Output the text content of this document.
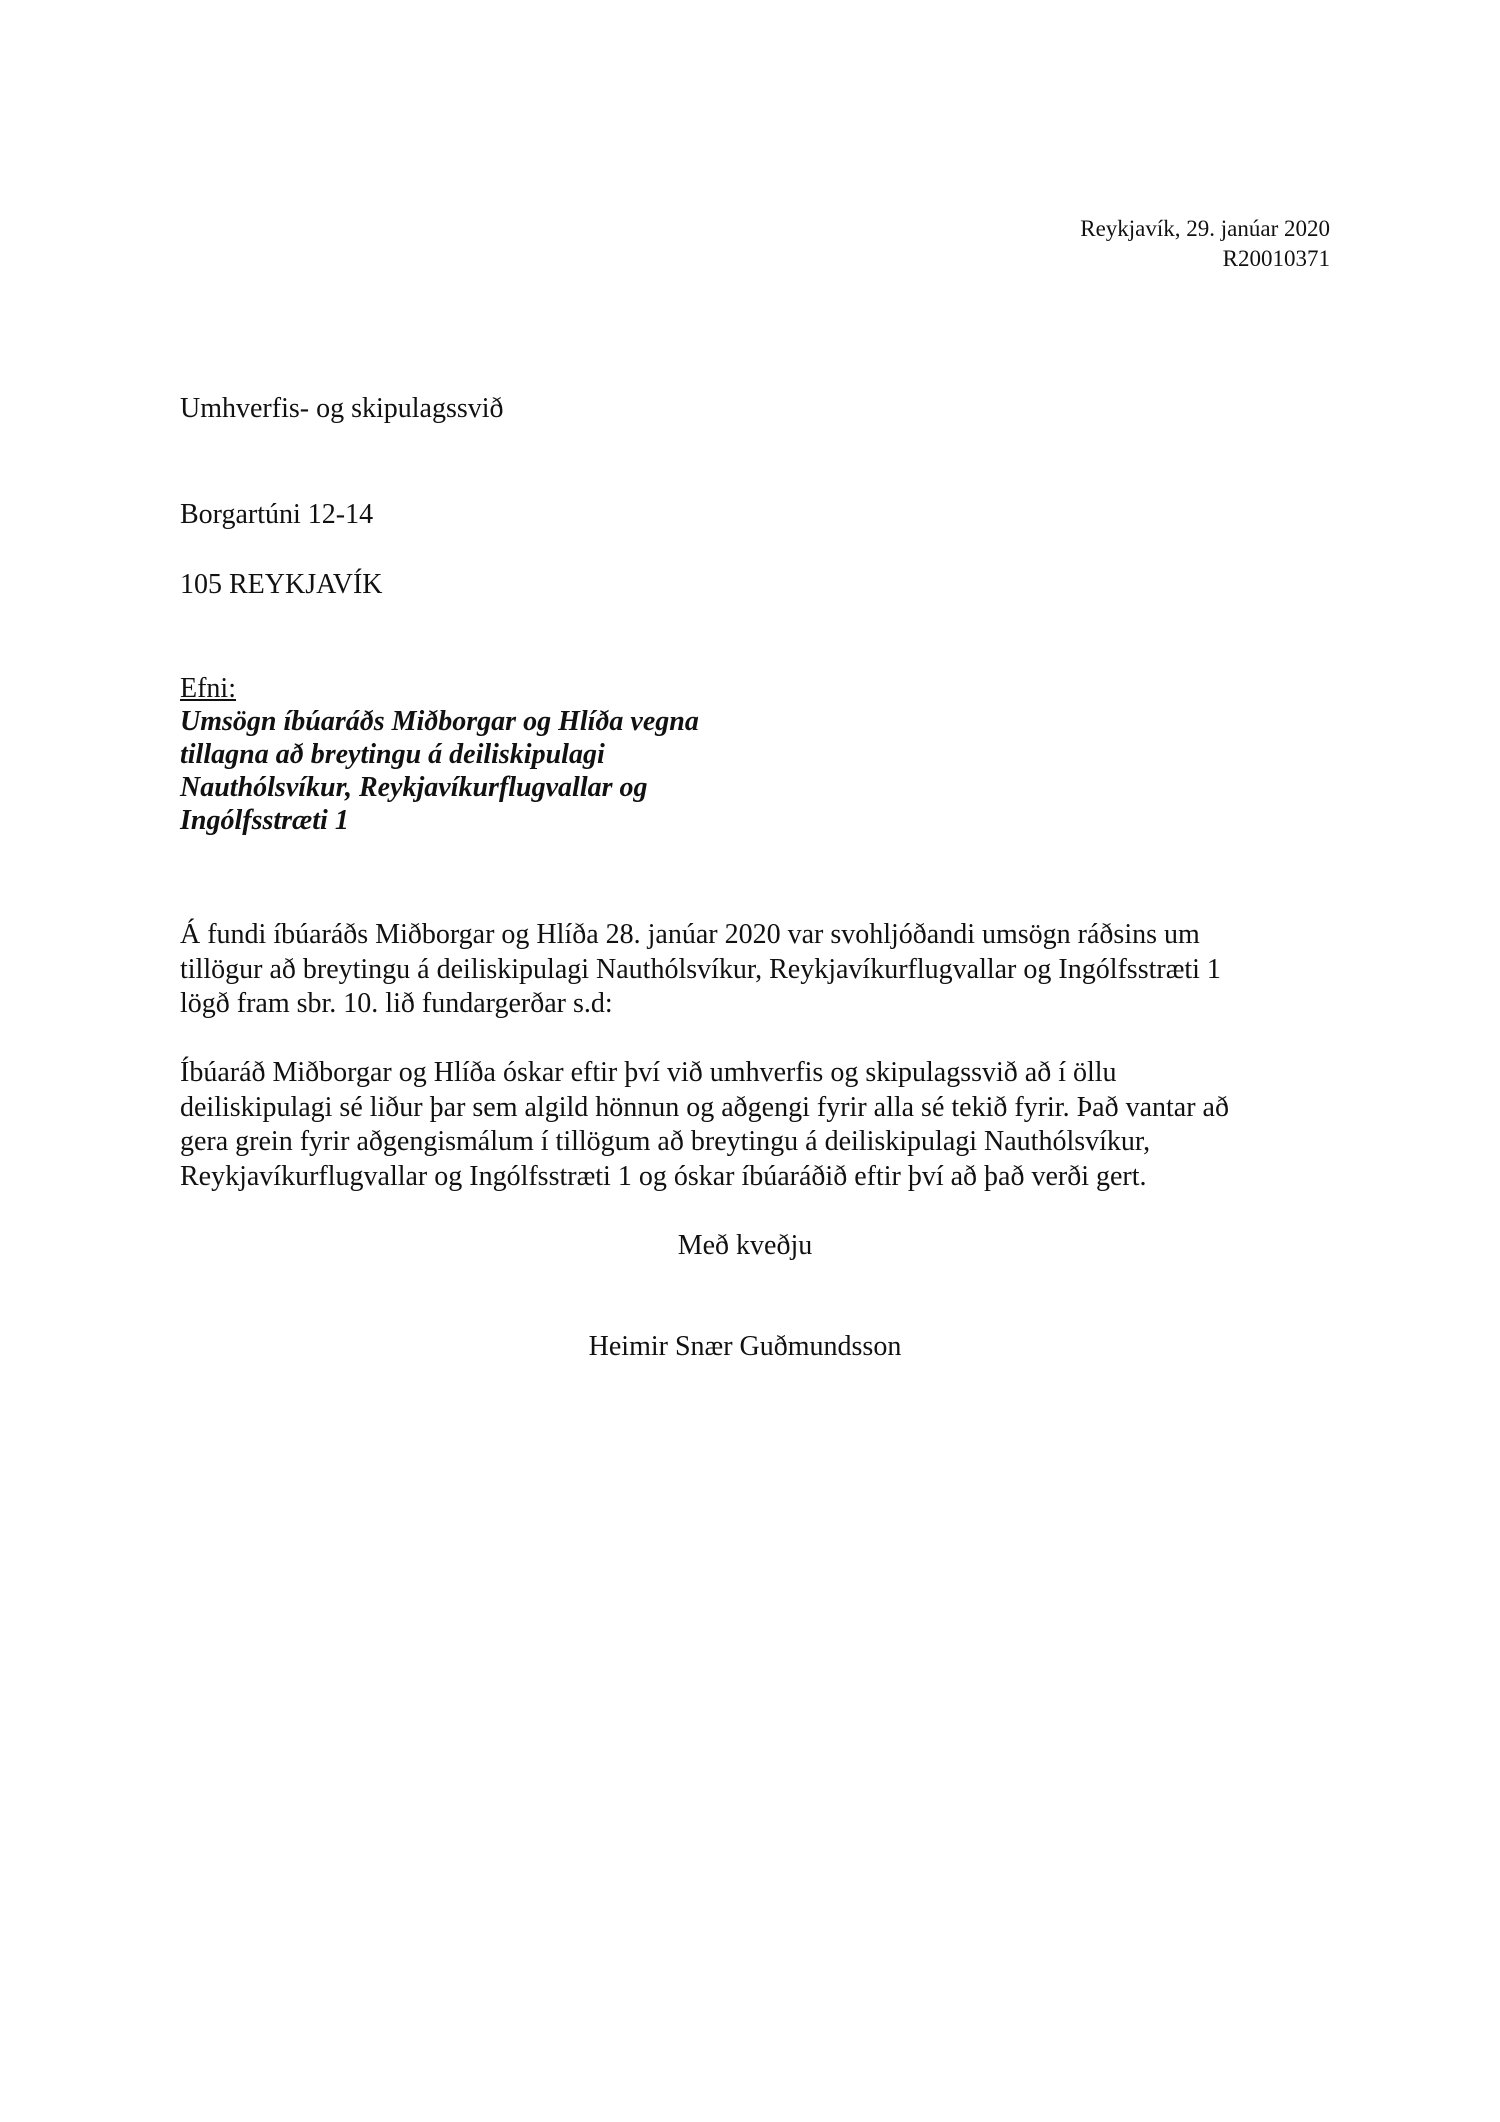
Reykjavík, 29. janúar 2020
R20010371
Umhverfis- og skipulagssvið
Borgartúni 12-14
105 REYKJAVÍK
Efni:
Umsögn íbúaráðs Miðborgar og Hlíða vegna
tillagna að breytingu á deiliskipulagi
Nauthólsvíkur, Reykjavíkurflugvallar og
Ingólfsstræti 1
Á fundi íbúaráðs Miðborgar og Hlíða 28. janúar 2020 var svohljóðandi umsögn ráðsins um
tillögur að breytingu á deiliskipulagi Nauthólsvíkur, Reykjavíkurflugvallar og Ingólfsstræti 1
lögð fram sbr. 10. lið fundargerðar s.d:
Íbúaráð Miðborgar og Hlíða óskar eftir því við umhverfis og skipulagssvið að í öllu
deiliskipulagi sé liður þar sem algild hönnun og aðgengi fyrir alla sé tekið fyrir. Það vantar að
gera grein fyrir aðgengismálum í tillögum að breytingu á deiliskipulagi Nauthólsvíkur,
Reykjavíkurflugvallar og Ingólfsstræti 1 og óskar íbúaráðið eftir því að það verði gert.
Með kveðju
Heimir Snær Guðmundsson
